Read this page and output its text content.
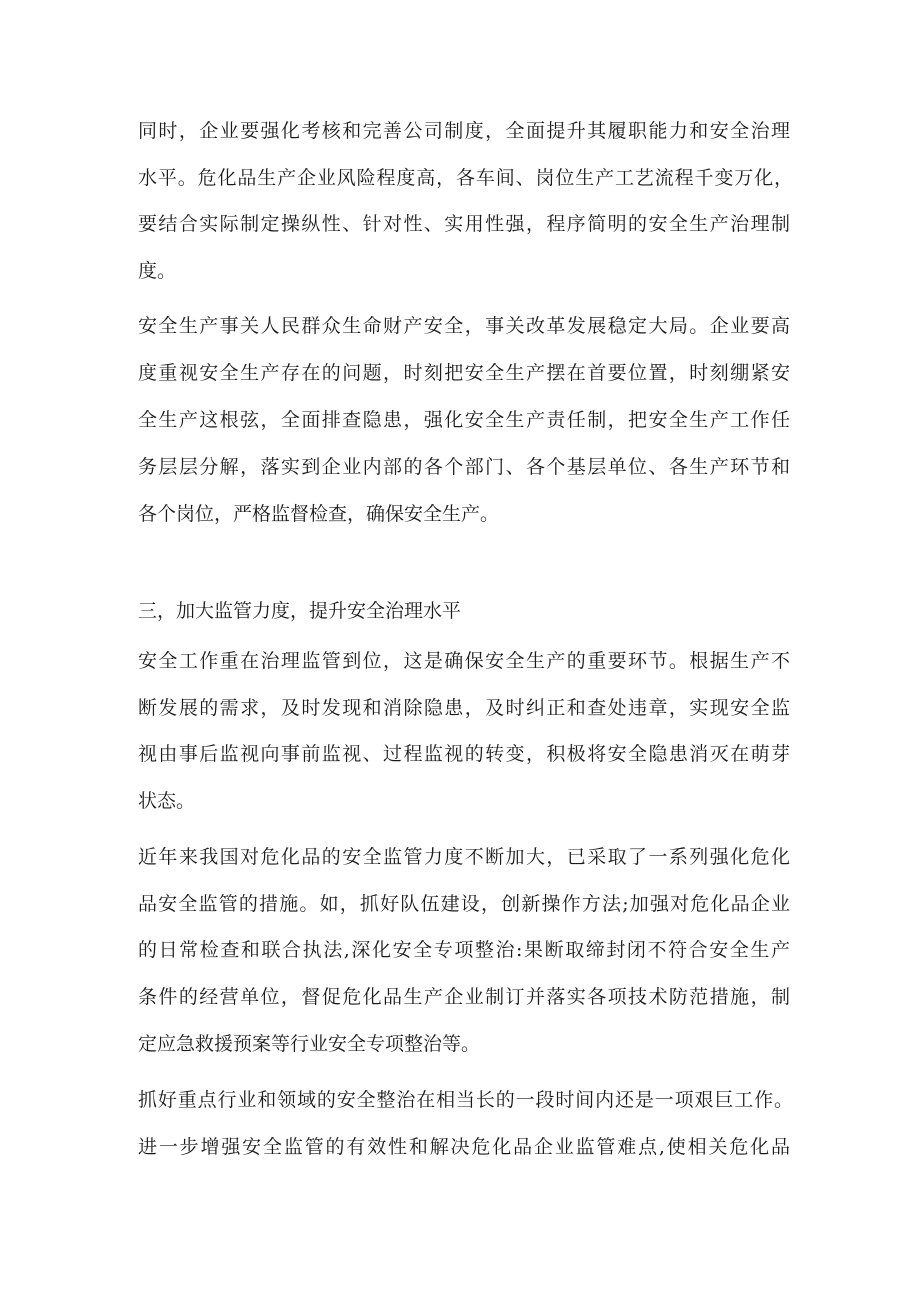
同时，企业要强化考核和完善公司制度，全面提升其履职能力和安全治理

水平。危化品生产企业风险程度高，各车间、岗位生产工艺流程千变万化，

要结合实际制定操纵性、针对性、实用性强，程序简明的安全生产治理制

度。

安全生产事关人民群众生命财产安全，事关改革发展稳定大局。企业要高

度重视安全生产存在的问题，时刻把安全生产摆在首要位置，时刻绷紧安

全生产这根弦，全面排查隐患，强化安全生产责任制，把安全生产工作任

务层层分解，落实到企业内部的各个部门、各个基层单位、各生产环节和

各个岗位，严格监督检查，确保安全生产。

三，加大监管力度，提升安全治理水平

安全工作重在治理监管到位，这是确保安全生产的重要环节。根据生产不

断发展的需求，及时发现和消除隐患，及时纠正和查处违章，实现安全监

视由事后监视向事前监视、过程监视的转变，积极将安全隐患消灭在萌芽

状态。

近年来我国对危化品的安全监管力度不断加大，已采取了一系列强化危化

品安全监管的措施。如，抓好队伍建设，创新操作方法;加强对危化品企业

的日常检查和联合执法,深化安全专项整治:果断取缔封闭不符合安全生产

条件的经营单位，督促危化品生产企业制订并落实各项技术防范措施，制

定应急救援预案等行业安全专项整治等。

抓好重点行业和领域的安全整治在相当长的一段时间内还是一项艰巨工作。

进一步增强安全监管的有效性和解决危化品企业监管难点,使相关危化品
